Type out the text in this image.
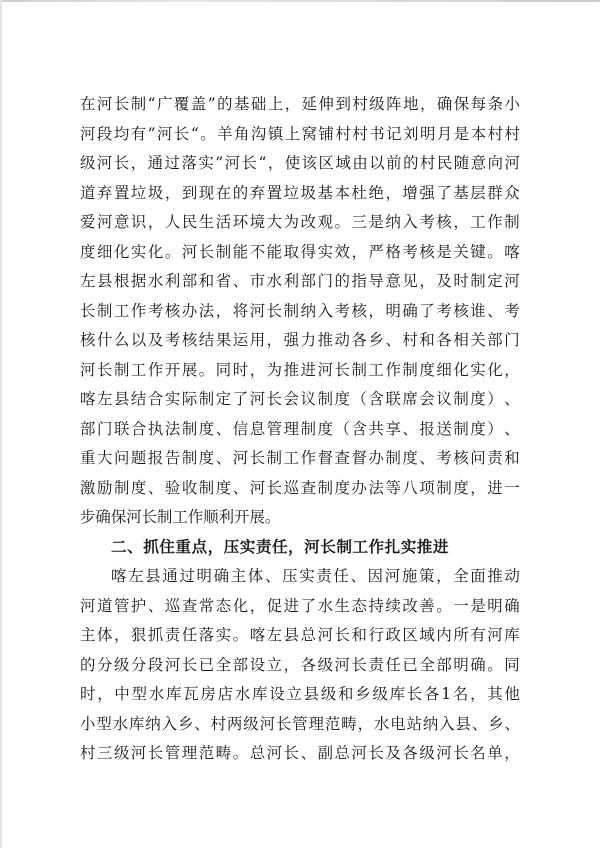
在 河 长 制 “ 广 覆 盖 ” 的 基 础 上 ， 延 伸 到 村 级 阵 地 ， 确 保 每 条 小
河 段 均 有 ” 河 长 “ 。 羊 角 沟 镇 上 窝 铺 村 村 书 记 刘 明 月 是 本 村 村
级 河 长 ， 通 过 落 实 ” 河 长 “ ， 使 该 区 域 由 以 前 的 村 民 随 意 向 河
道 弃 置 垃 圾 ， 到 现 在 的 弃 置 垃 圾 基 本 杜 绝 ， 增 强 了 基 层 群 众
爱 河 意 识 ， 人 民 生 活 环 境 大 为 改 观 。 三 是 纳 入 考 核 ， 工 作 制
度 细 化 实 化 。 河 长 制 能 不 能 取 得 实 效 ， 严 格 考 核 是 关 键 。 喀
左 县 根 据 水 利 部 和 省 、 市 水 利 部 门 的 指 导 意 见 ， 及 时 制 定 河
长 制 工 作 考 核 办 法 ， 将 河 长 制 纳 入 考 核 ， 明 确 了 考 核 谁 、 考
核 什 么 以 及 考 核 结 果 运 用 ， 强 力 推 动 各 乡 、 村 和 各 相 关 部 门
河 长 制 工 作 开 展 。 同 时 ， 为 推 进 河 长 制 工 作 制 度 细 化 实 化 ，
喀 左 县 结 合 实 际 制 定 了 河 长 会 议 制 度 （ 含 联 席 会 议 制 度 ） 、
部 门 联 合 执 法 制 度 、 信 息 管 理 制 度 （ 含 共 享 、 报 送 制 度 ） 、
重 大 问 题 报 告 制 度 、 河 长 制 工 作 督 查 督 办 制 度 、 考 核 问 责 和
激 励 制 度 、 验 收 制 度 、 河 长 巡 查 制 度 办 法 等 八 项 制 度 ， 进 一
步 确 保 河 长 制 工 作 顺 利 开 展 。
二、抓住重点，压实责任，河长制工作扎实推进
喀 左 县 通 过 明 确 主 体 、 压 实 责 任 、 因 河 施 策 ， 全 面 推 动
河 道 管 护 、 巡 查 常 态 化 ， 促 进 了 水 生 态 持 续 改 善 。 一 是 明 确
主 体 ， 狠 抓 责 任 落 实 。 喀 左 县 总 河 长 和 行 政 区 域 内 所 有 河 库
的 分 级 分 段 河 长 已 全 部 设 立 ， 各 级 河 长 责 任 已 全 部 明 确 。 同
时 ， 中 型 水 库 瓦 房 店 水 库 设 立 县 级 和 乡 级 库 长 各 1 名 ， 其 他
小 型 水 库 纳 入 乡 、 村 两 级 河 长 管 理 范 畴 ， 水 电 站 纳 入 县 、 乡 、
村 三 级 河 长 管 理 范 畴 。 总 河 长 、 副 总 河 长 及 各 级 河 长 名 单 ，
